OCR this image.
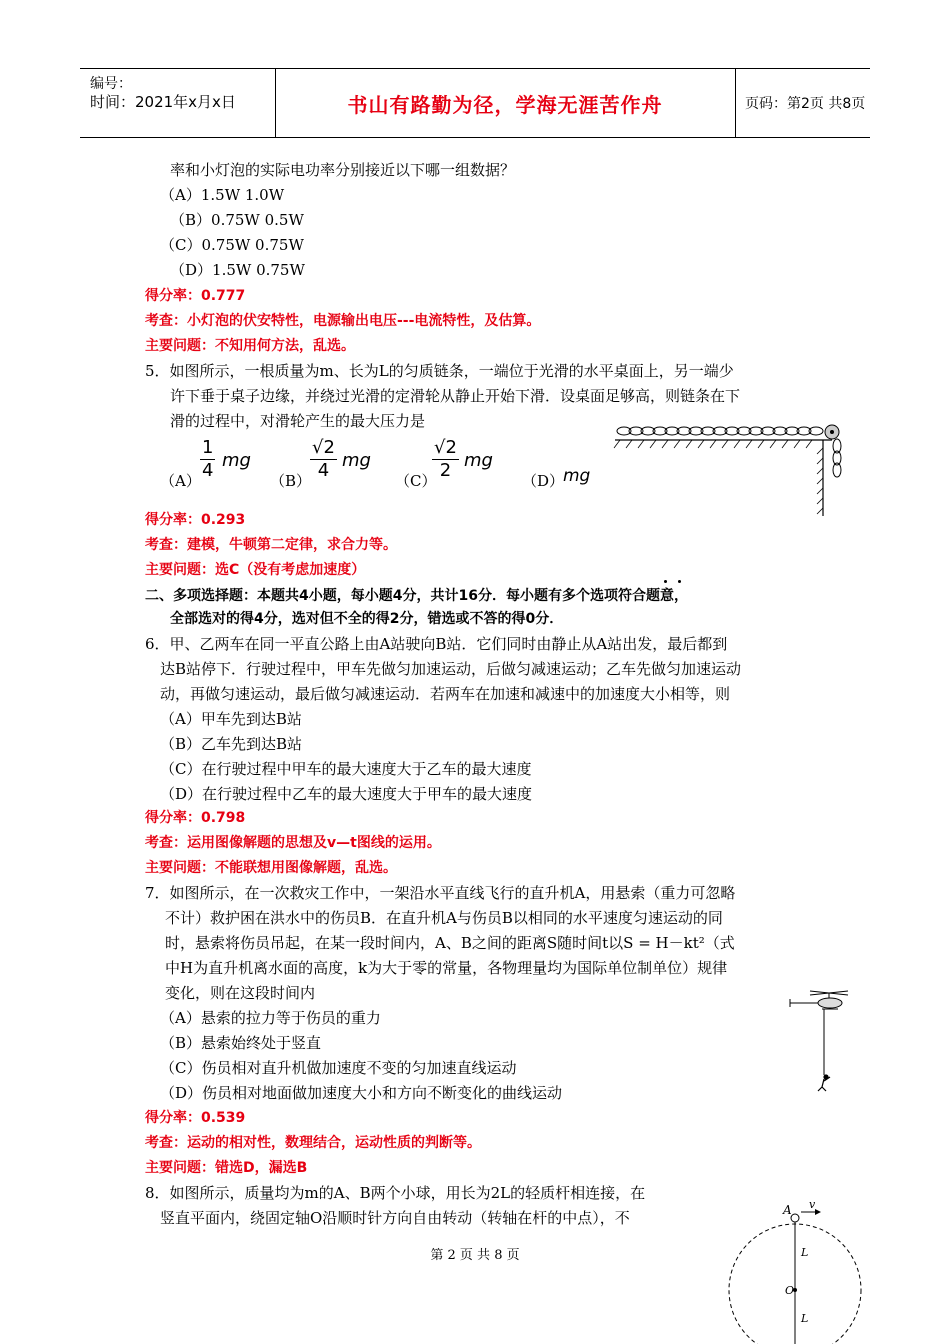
编号：
时间：2021年x月x日	书山有路勤为径，学海无涯苦作舟	页码：第2页 共8页
率和小灯泡的实际电功率分别接近以下哪一组数据？
（A）1.5W 1.0W
（B）0.75W 0.5W
（C）0.75W 0.75W
（D）1.5W 0.75W
得分率：0.777
考查：小灯泡的伏安特性，电源输出电压---电流特性，及估算。
主要问题：不知用何方法，乱选。
5．如图所示，一根质量为m、长为L的匀质链条，一端位于光滑的水平桌面上，另一端少
许下垂于桌子边缘，并绕过光滑的定滑轮从静止开始下滑．设桌面足够高，则链条在下
滑的过程中，对滑轮产生的最大压力是
$(A) \frac{1}{4}$ mg
（B）
$\frac{√2}{4}$ mg
（C）
$\frac{√2}{2}$ mg
（D）
mg
得分率：0.293
考查：建模，牛顿第二定律，求合力等。
主要问题：选C（没有考虑加速度）
二、多项选择题：本题共4小题，每小题4分，共计16分．每小题有多个选项符合题意，
全部选对的得4分，选对但不全的得2分，错选或不答的得0分．
6．甲、乙两车在同一平直公路上由A站驶向B站．它们同时由静止从A站出发，最后都到
达B站停下．行驶过程中，甲车先做匀加速运动，后做匀减速运动；乙车先做匀加速运动
动，再做匀速运动，最后做匀减速运动．若两车在加速和减速中的加速度大小相等，则
（A）甲车先到达B站
（B）乙车先到达B站
（C）在行驶过程中甲车的最大速度大于乙车的最大速度
（D）在行驶过程中乙车的最大速度大于甲车的最大速度
得分率：0.798
考查：运用图像解题的思想及v—t图线的运用。
主要问题：不能联想用图像解题，乱选。
7．如图所示，在一次救灾工作中，一架沿水平直线飞行的直升机A，用悬索（重力可忽略
不计）救护困在洪水中的伤员B．在直升机A与伤员B以相同的水平速度匀速运动的同
时，悬索将伤员吊起，在某一段时间内，A、B之间的距离S随时间t以S = H－kt²（式
中H为直升机离水面的高度，k为大于零的常量，各物理量均为国际单位制单位）规律
变化，则在这段时间内
（A）悬索的拉力等于伤员的重力
（B）悬索始终处于竖直
（C）伤员相对直升机做加速度不变的匀加速直线运动
（D）伤员相对地面做加速度大小和方向不断变化的曲线运动
得分率：0.539
考查：运动的相对性，数理结合，运动性质的判断等。
主要问题：错选D，漏选B
8．如图所示，质量均为m的A、B两个小球，用长为2L的轻质杆相连接，在
竖直平面内，绕固定轴O沿顺时针方向自由转动（转轴在杆的中点），不	A v
L
O
L
第 2 页 共 8 页
